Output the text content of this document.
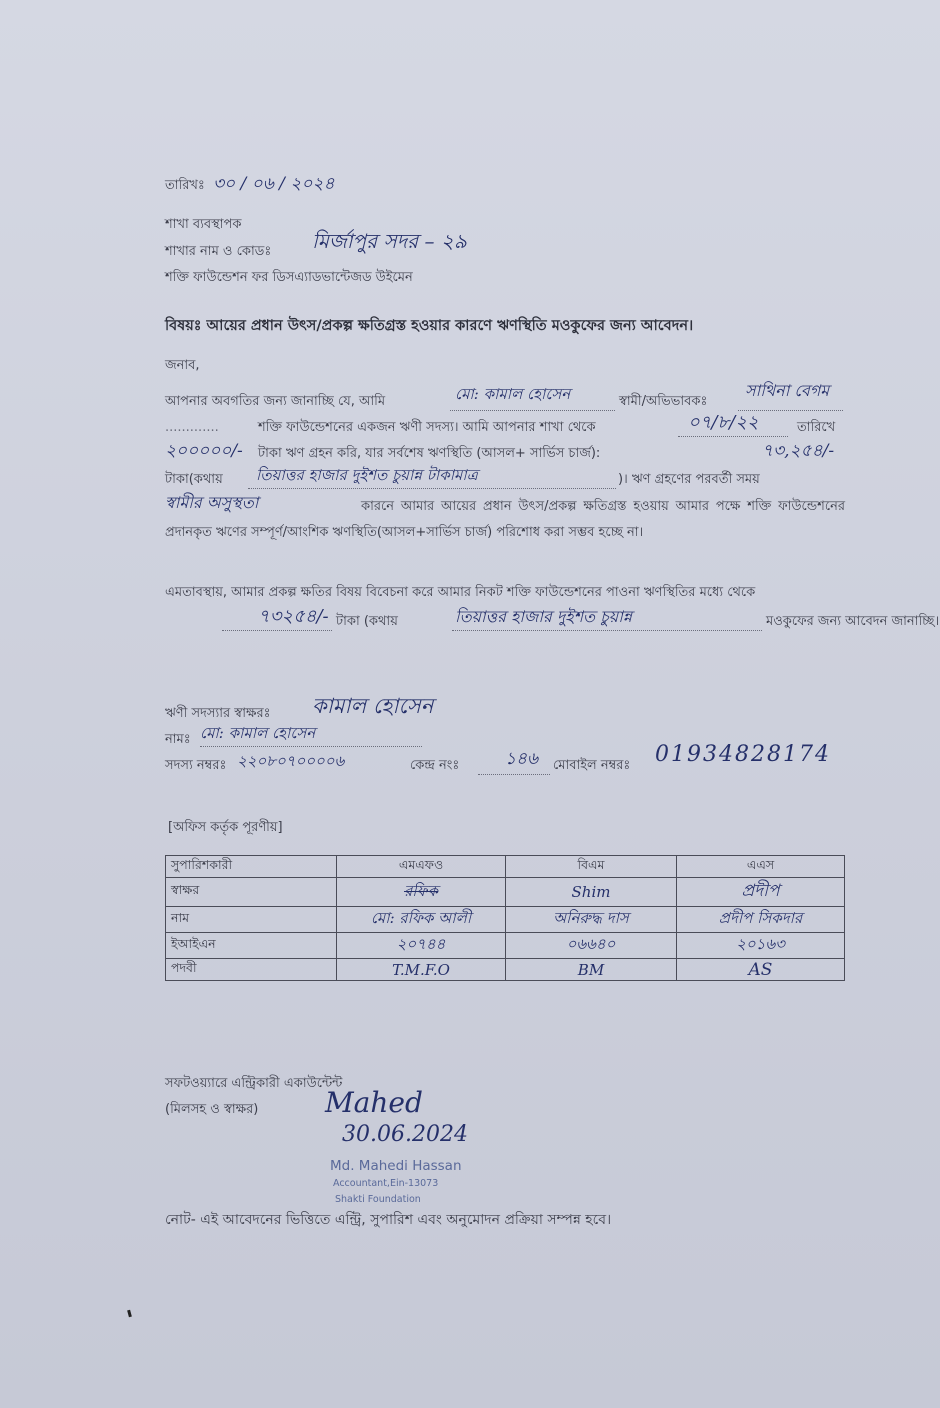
তারিখঃ ৩০ / ০৬ / ২০২৪
শাখা ব্যবস্থাপক
শাখার নাম ও কোডঃ মির্জাপুর সদর – ২৯
শক্তি ফাউন্ডেশন ফর ডিসএ্যাডভান্টেজড উইমেন
বিষয়ঃ আয়ের প্রধান উৎস/প্রকল্প ক্ষতিগ্রস্ত হওয়ার কারণে ঋণস্থিতি মওকুফের জন্য আবেদন।
জনাব,
আপনার অবগতির জন্য জানাচ্ছি যে, আমি	মো: কামাল হোসেন	স্বামী/অভিভাবকঃ
সাথিনা বেগম
.............	শক্তি ফাউন্ডেশনের একজন ঋণী সদস্য। আমি আপনার শাখা থেকে	০৭/৮/২২	তারিখে
২০০০০০/- টাকা ঋণ গ্রহন করি, যার সর্বশেষ ঋণস্থিতি (আসল+ সার্ভিস চার্জ):	৭৩,২৫৪/-
টাকা(কথায় তিয়াত্তর হাজার দুইশত চুয়ান্ন টাকামাত্র	)। ঋণ গ্রহণের পরবর্তী সময়
স্বামীর অসুস্থতা	কারনে আমার আয়ের প্রধান উৎস/প্রকল্প ক্ষতিগ্রস্ত হওয়ায় আমার পক্ষে শক্তি ফাউন্ডেশনের প্রদানকৃত ঋণের সম্পূর্ণ/আংশিক ঋণস্থিতি(আসল+সার্ভিস চার্জ) পরিশোধ করা সম্ভব হচ্ছে না।
এমতাবস্থায়, আমার প্রকল্প ক্ষতির বিষয় বিবেচনা করে আমার নিকট শক্তি ফাউন্ডেশনের পাওনা ঋণস্থিতির মধ্যে থেকে
৭৩২৫৪/- টাকা (কথায়	তিয়াত্তর হাজার দুইশত চুয়ান্ন	মওকুফের জন্য আবেদন জানাচ্ছি।
ঋণী সদস্যার স্বাক্ষরঃ কামাল হোসেন
নামঃ মো: কামাল হোসেন
সদস্য নম্বরঃ ২২০৮০৭০০০০৬	কেন্দ্র নংঃ	১৪৬ মোবাইল নম্বরঃ 01934828174
[অফিস কর্তৃক পূরণীয়]
সুপারিশকারী	এমএফও	বিএম	এএস
স্বাক্ষর	রফিক	Shim	প্রদীপ
নাম	মো: রফিক আলী	অনিরুদ্ধ দাস	প্রদীপ সিকদার
ইআইএন	২০৭৪৪	০৬৬৪০	২০১৬৩
পদবী	T.M.F.O	BM	AS
সফটওয়্যারে এন্ট্রিকারী একাউন্টেন্ট
(মিলসহ ও স্বাক্ষর) Mahed
30.06.2024
Md. Mahedi Hassan
Accountant,Ein-13073
Shakti Foundation
নোট- এই আবেদনের ভিত্তিতে এন্ট্রি, সুপারিশ এবং অনুমোদন প্রক্রিয়া সম্পন্ন হবে।
